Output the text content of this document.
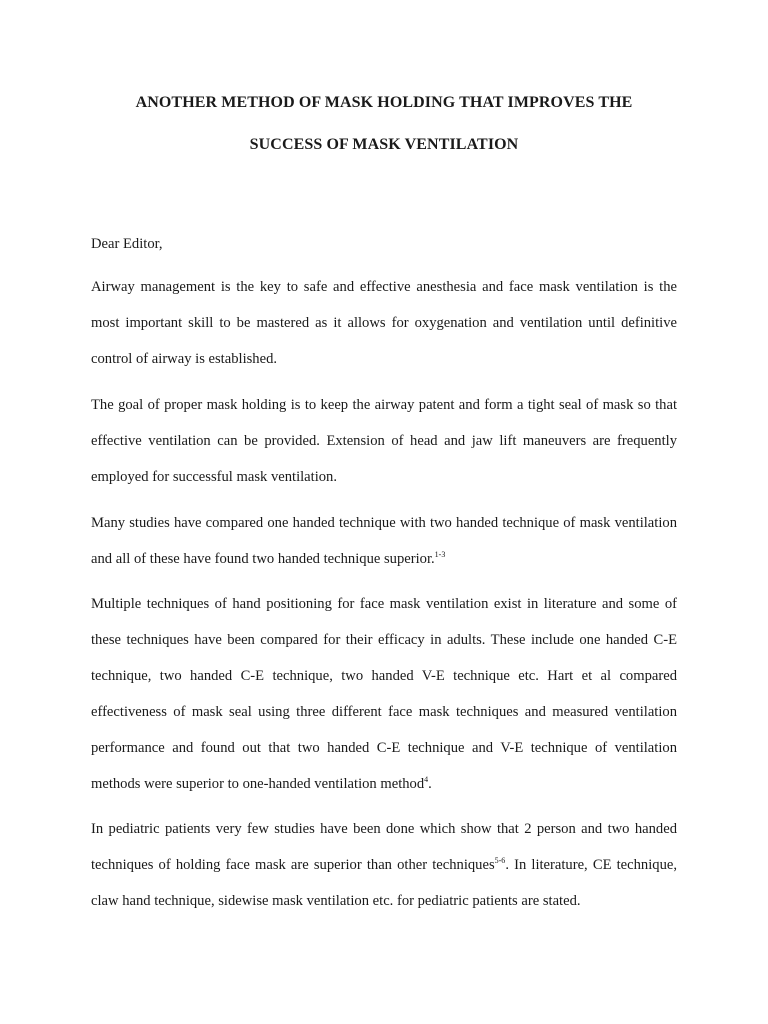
ANOTHER METHOD OF MASK HOLDING THAT IMPROVES THE
SUCCESS OF MASK VENTILATION

Dear Editor,

Airway management is the key to safe and effective anesthesia and face mask ventilation is the most important skill to be mastered as it allows for oxygenation and ventilation until definitive control of airway is established.

The goal of proper mask holding is to keep the airway patent and form a tight seal of mask so that effective ventilation can be provided. Extension of head and jaw lift maneuvers are frequently employed for successful mask ventilation.

Many studies have compared one handed technique with two handed technique of mask ventilation and all of these have found two handed technique superior.$^{1-3}$

Multiple techniques of hand positioning for face mask ventilation exist in literature and some of these techniques have been compared for their efficacy in adults. These include one handed C-E technique, two handed C-E technique, two handed V-E technique etc. Hart et al compared effectiveness of mask seal using three different face mask techniques and measured ventilation performance and found out that two handed C-E technique and V-E technique of ventilation methods were superior to one-handed ventilation method$^4$.

In pediatric patients very few studies have been done which show that 2 person and two handed techniques of holding face mask are superior than other techniques$^{5-6}$. In literature, CE technique, claw hand technique, sidewise mask ventilation etc. for pediatric patients are stated.
